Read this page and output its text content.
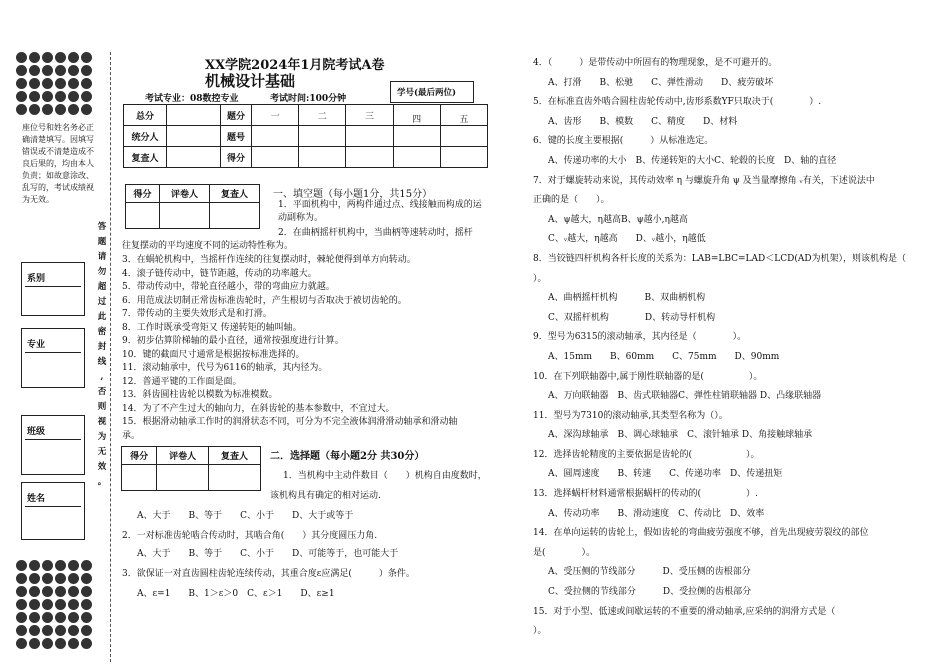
座位号和姓名务必正确清楚填写。因填写错误或不清楚造成不良后果的，均由本人负责；如故意涂改、乱写的，考试成绩视为无效。
答
题
请
勿
超
过
此
密
封
线
,
否
则
视
为
无
效
。
系别
专业
班级
姓名
XX学院2024年1月院考试A卷
机械设计基础
考试专业：08数控专业	考试时间:100分钟
学号(最后两位)
总分		题分	一	二	三	四	五
统分人		题号					
复查人		得分					
得分	评卷人	复查人
			一、填空题（每小题1分，共15分）
1．平面机构中，两构件通过点、线接触而构成的运动副称为。
2．在曲柄摇杆机构中，当曲柄等速转动时，摇杆
往复摆动的平均速度不同的运动特性称为。
3．在蜗轮机构中，当摇杆作连续的往复摆动时，棘轮便得到单方向转动。
4．滚子链传动中，链节距越，传动的功率越大。
5．带动传动中，带轮直径越小，带的弯曲应力就越。
6．用范成法切制正常齿标准齿轮时，产生根切与否取决于被切齿轮的。
7．带传动的主要失效形式是和打滑。
8．工作时既承受弯矩又 传递转矩的轴叫轴。
9．初步估算阶梯轴的最小直径，通常按强度进行计算。
10．键的截面尺寸通常是根据按标准选择的。
11．滚动轴承中，代号为6116的轴承，其内径为。
12．普通平键的工作面是面。
13．斜齿圆柱齿轮以模数为标准模数。
14．为了不产生过大的轴向力，在斜齿轮的基本参数中，不宜过大。
15．根据滑动轴承工作时的润滑状态不同，可分为不完全液体润滑滑动轴承和滑动轴
承。
得分	评卷人	复查人
		二．选择题（每小题2分 共30分）
1．当机构中主动件数目（　　）机构自由度数时，
该机构具有确定的相对运动.
A、大于　　B、等于　　C、小于　　D、大于或等于
2．一对标准齿轮啮合传动时，其啮合角(　　）其分度圆压力角.
A、大于　　B、等于　　C、小于　　D、可能等于，也可能大于
3．欲保证一对直齿圆柱齿轮连续传动，其重合度ε应满足(　　　）条件。
A、ε=1　　B、1＞ε＞0　C、ε＞1　　D、ε≥1
4．（　　　）是带传动中所固有的物理现象，是不可避开的。
A、打滑　　B、松驰　　C、弹性滑动　　D、疲劳破坏
5．在标准直齿外啮合圆柱齿轮传动中,齿形系数YF只取决于(　　　　）.
A、齿形　　B、模数　　C、精度　　D、材料
6．键的长度主要根据(　　　）从标准选定。
A、传递功率的大小　B、传递转矩的大小C、轮毂的长度　D、轴的直径
7．对于螺旋转动来说，其传动效率 η 与螺旋升角 ψ 及当量摩擦角 ᵥ有关，下述说法中
正确的是（　　）。
A、ψ越大，η越高B、ψ越小,η越高
C、ᵥ越大，η越高　　D、ᵥ越小，η越低
8．当铰链四杆机构各杆长度的关系为：LAB=LBC=LAD＜LCD(AD为机架），则该机构是（
）。
A、曲柄摇杆机构　　　B、双曲柄机构
C、双摇杆机构　　　　D、转动导杆机构
9．型号为6315的滚动轴承，其内径是（　　　　）。
A、15mm　　B、60mm　　C、75mm　　D、90mm
10．在下列联轴器中,属于刚性联轴器的是(　　　　　）。
A、万向联轴器　B、齿式联轴器C、弹性柱销联轴器 D、凸缘联轴器
11．型号为7310的滚动轴承,其类型名称为（）。
A、深沟球轴承　B、调心球轴承　C、滚针轴承 D、角接触球轴承
12．选择齿轮精度的主要依据是齿轮的(　　　　　　）。
A、圆周速度　　B、转速　　C、传递功率　D、传递扭矩
13．选择蜗杆材料通常根据蜗杆的传动的(　　　　　）.
A、传动功率　　B、滑动速度　C、传动比　D、效率
14．在单向运转的齿轮上，假如齿轮的弯曲疲劳强度不够，首先出现疲劳裂纹的部位
是(　　　　）。
A、受压侧的节线部分　　　D、受压侧的齿根部分
C、受拉侧的节线部分　　　D、受拉侧的齿根部分
15．对于小型、低速或间歇运转的不重要的滑动轴承,应采纳的润滑方式是（
）。
